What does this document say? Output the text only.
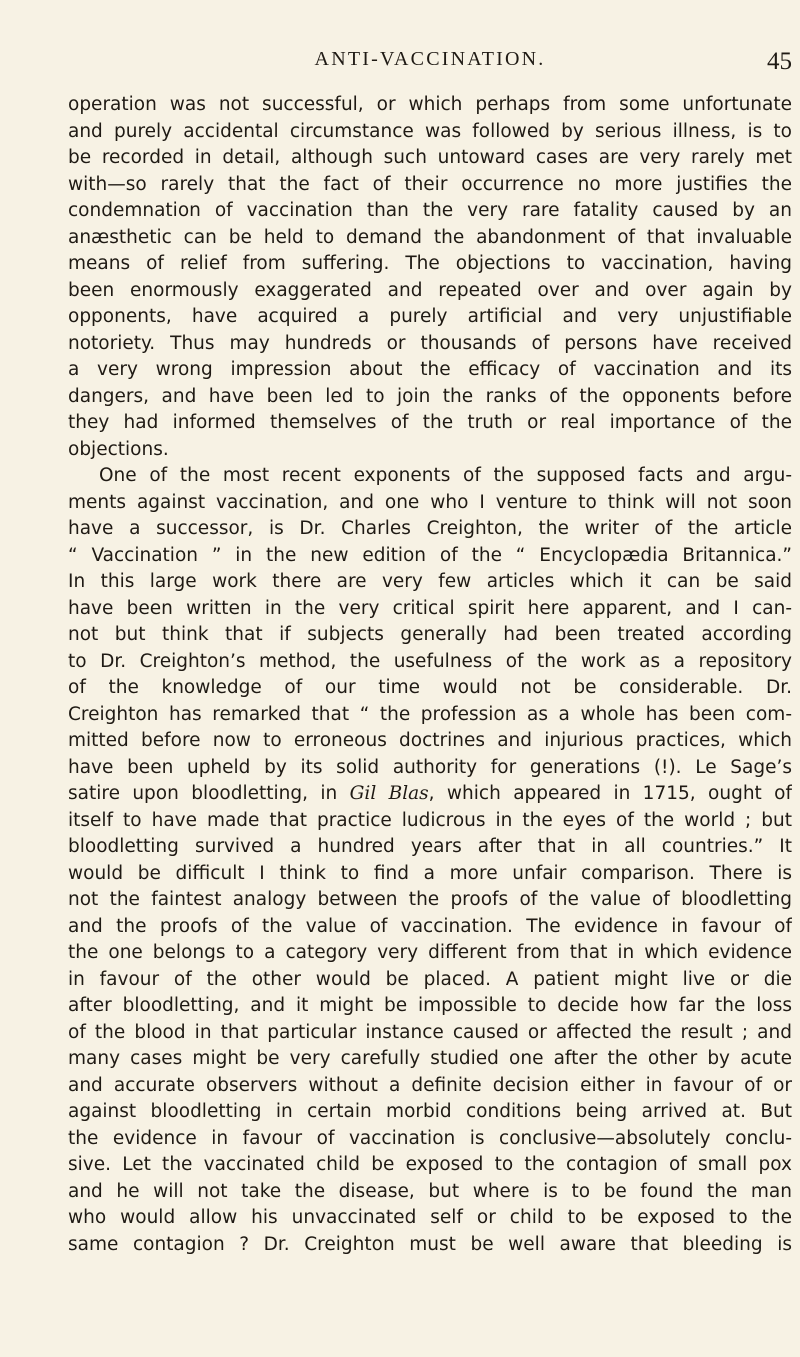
ANTI-VACCINATION.	45
operation was not successful, or which perhaps from some unfortunate
and purely accidental circumstance was followed by serious illness, is to
be recorded in detail, although such untoward cases are very rarely met
with—so rarely that the fact of their occurrence no more justifies the
condemnation of vaccination than the very rare fatality caused by an
anæsthetic can be held to demand the abandonment of that invaluable
means of relief from suffering. The objections to vaccination, having
been enormously exaggerated and repeated over and over again by
opponents, have acquired a purely artificial and very unjustifiable
notoriety. Thus may hundreds or thousands of persons have received
a very wrong impression about the efficacy of vaccination and its
dangers, and have been led to join the ranks of the opponents before
they had informed themselves of the truth or real importance of the
objections.
One of the most recent exponents of the supposed facts and argu-
ments against vaccination, and one who I venture to think will not soon
have a successor, is Dr. Charles Creighton, the writer of the article
“ Vaccination ” in the new edition of the “ Encyclopædia Britannica.”
In this large work there are very few articles which it can be said
have been written in the very critical spirit here apparent, and I can-
not but think that if subjects generally had been treated according
to Dr. Creighton’s method, the usefulness of the work as a repository
of the knowledge of our time would not be considerable. Dr.
Creighton has remarked that “ the profession as a whole has been com-
mitted before now to erroneous doctrines and injurious practices, which
have been upheld by its solid authority for generations (!). Le Sage’s
satire upon bloodletting, in Gil Blas, which appeared in 1715, ought of
itself to have made that practice ludicrous in the eyes of the world ; but
bloodletting survived a hundred years after that in all countries.” It
would be difficult I think to find a more unfair comparison. There is
not the faintest analogy between the proofs of the value of bloodletting
and the proofs of the value of vaccination. The evidence in favour of
the one belongs to a category very different from that in which evidence
in favour of the other would be placed. A patient might live or die
after bloodletting, and it might be impossible to decide how far the loss
of the blood in that particular instance caused or affected the result ; and
many cases might be very carefully studied one after the other by acute
and accurate observers without a definite decision either in favour of or
against bloodletting in certain morbid conditions being arrived at. But
the evidence in favour of vaccination is conclusive—absolutely conclu-
sive. Let the vaccinated child be exposed to the contagion of small pox
and he will not take the disease, but where is to be found the man
who would allow his unvaccinated self or child to be exposed to the
same contagion ? Dr. Creighton must be well aware that bleeding is
